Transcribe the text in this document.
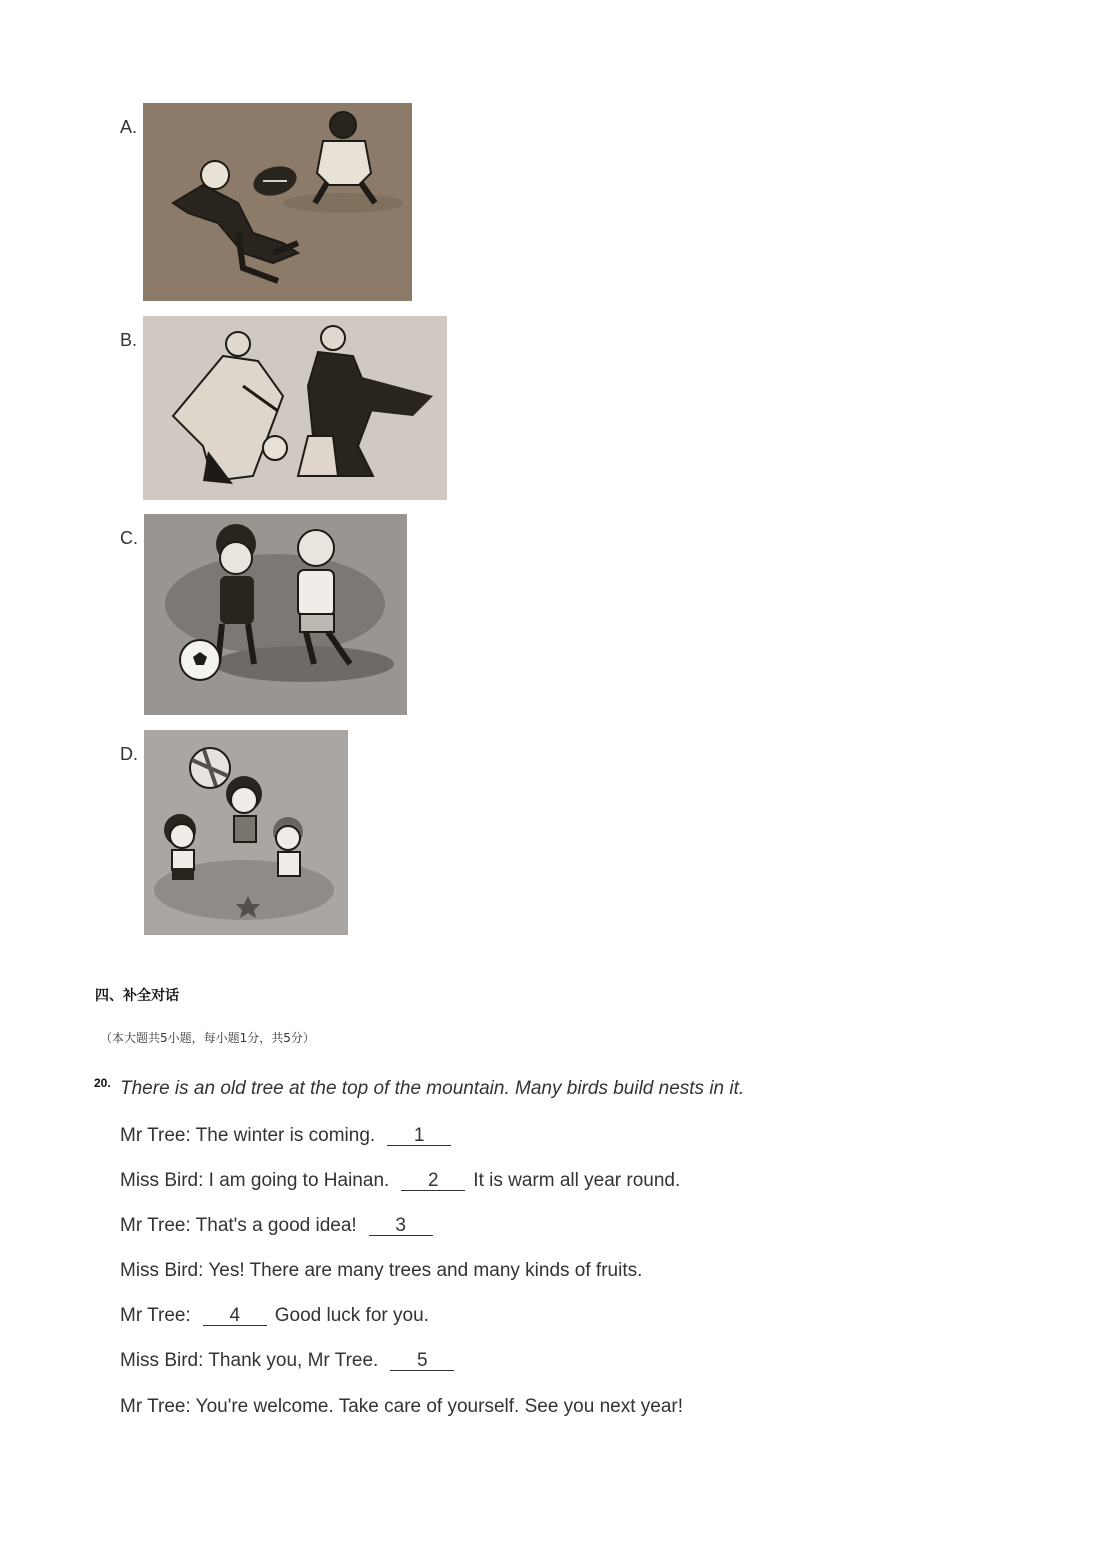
A.
B.
C.
D.
四、补全对话
（本大题共5小题，每小题1分，共5分）
20. There is an old tree at the top of the mountain. Many birds build nests in it.
Mr Tree: The winter is coming. 1
Miss Bird: I am going to Hainan. 2 It is warm all year round.
Mr Tree: That's a good idea! 3
Miss Bird: Yes! There are many trees and many kinds of fruits.
Mr Tree: 4 Good luck for you.
Miss Bird: Thank you, Mr Tree. 5
Mr Tree: You're welcome. Take care of yourself. See you next year!
